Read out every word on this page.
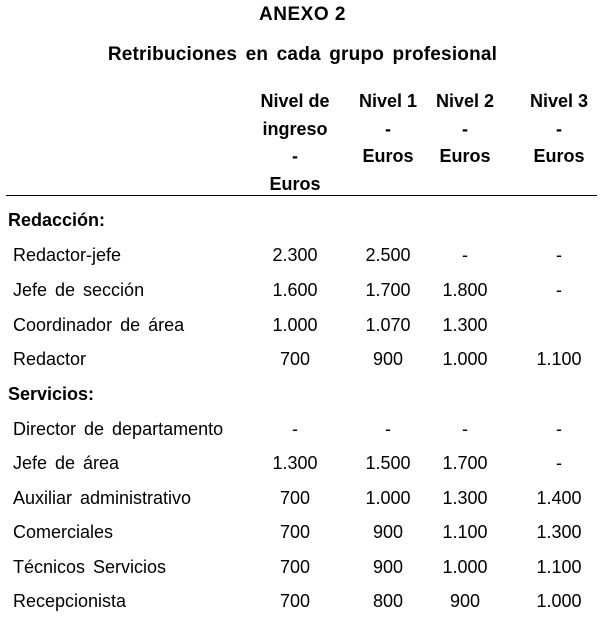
ANEXO 2
Retribuciones en cada grupo profesional
Nivel de
ingreso
-
Euros
Nivel 1
-
Euros
Nivel 2
-
Euros
Nivel 3
-
Euros
Redacción:
Redactor-jefe	2.300	2.500	-	-
Jefe de sección	1.600	1.700	1.800	-
Coordinador de área	1.000	1.070	1.300
Redactor	700	900	1.000	1.100
Servicios:
Director de departamento	-	-	-	-
Jefe de área	1.300	1.500	1.700	-
Auxiliar administrativo	700	1.000	1.300	1.400
Comerciales	700	900	1.100	1.300
Técnicos Servicios	700	900	1.000	1.100
Recepcionista	700	800	900	1.000
